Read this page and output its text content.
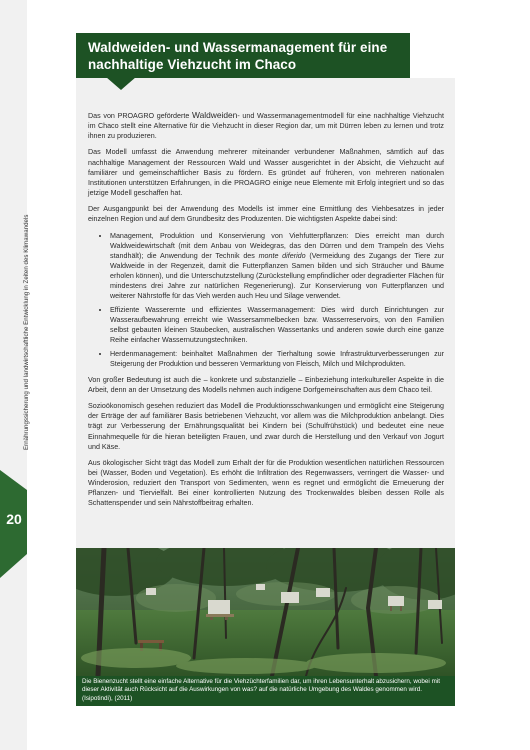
Ernährungssicherung und landwirtschaftliche Entwicklung in Zeiten des Klimawandels
20
Waldweiden- und Wassermanagement für eine nachhaltige Viehzucht im Chaco

Das von PROAGRO geförderte Waldweiden- und Wassermanagementmodell für eine nachhaltige Viehzucht im Chaco stellt eine Alternative für die Viehzucht in dieser Region dar, um mit Dürren leben zu lernen und trotz ihnen zu produzieren.

Das Modell umfasst die Anwendung mehrerer miteinander verbundener Maßnahmen, sämtlich auf das nachhaltige Management der Ressourcen Wald und Wasser ausgerichtet in der Absicht, die Viehzucht auf familiärer und gemeinschaftlicher Basis zu fördern. Es gründet auf früheren, von mehreren nationalen Institutionen unterstützen Erfahrungen, in die PROAGRO einige neue Elemente mit Erfolg integriert und so das jetzige Modell geschaffen hat.

Der Ausgangpunkt bei der Anwendung des Modells ist immer eine Ermittlung des Viehbesatzes in jeder einzelnen Region und auf dem Grundbesitz des Produzenten. Die wichtigsten Aspekte dabei sind:

• Management, Produktion und Konservierung von Viehfutterpflanzen: Dies erreicht man durch Waldweidewirtschaft (mit dem Anbau von Weidegras, das den Dürren und dem Trampeln des Viehs standhält); die Anwendung der Technik des monte diferido (Vermeidung des Zugangs der Tiere zur Waldweide in der Regenzeit, damit die Futterpflanzen Samen bilden und sich Sträucher und Bäume erholen können), und die Unterschutzstellung (Zurückstellung empfindlicher oder degradierter Flächen für mindestens drei Jahre zur natürlichen Regenerierung). Zur Konservierung von Futterpflanzen und weiterer Nährstoffe für das Vieh werden auch Heu und Silage verwendet.
• Effiziente Wasserernte und effizientes Wassermanagement: Dies wird durch Einrichtungen zur Wasseraufbewahrung erreicht wie Wassersammelbecken bzw. Wasserreservoirs, von den Familien selbst gebauten kleinen Staubecken, australischen Wassertanks und anderen sowie durch eine ganze Reihe einfacher Wassernutzungstechniken.
• Herdenmanagement: beinhaltet Maßnahmen der Tierhaltung sowie Infrastrukturverbesserungen zur Steigerung der Produktion und besseren Vermarktung von Fleisch, Milch und Milchprodukten.

Von großer Bedeutung ist auch die – konkrete und substanzielle – Einbeziehung interkultureller Aspekte in die Arbeit, denn an der Umsetzung des Modells nehmen auch indigene Dorfgemeinschaften aus dem Chaco teil.

Sozioökonomisch gesehen reduziert das Modell die Produktionsschwankungen und ermöglicht eine Steigerung der Erträge der auf familiärer Basis betriebenen Viehzucht, vor allem was die Milchproduktion anbelangt. Dies trägt zur Verbesserung der Ernährungsqualität bei Kindern bei (Schulfrühstück) und bedeutet eine neue Einnahmequelle für die hieran beteiligten Frauen, und zwar durch die Herstellung und den Verkauf von Jogurt und Käse.

Aus ökologischer Sicht trägt das Modell zum Erhalt der für die Produktion wesentlichen natürlichen Ressourcen bei (Wasser, Boden und Vegetation). Es erhöht die Infiltration des Regenwassers, verringert die Wasser- und Winderosion, reduziert den Transport von Sedimenten, wenn es regnet und ermöglicht die Erneuerung der Pflanzen- und Tiervielfalt. Bei einer kontrollierten Nutzung des Trockenwaldes bleiben dessen Rolle als Schattenspender und sein Nährstoffbeitrag erhalten.

Die Bienenzucht stellt eine einfache Alternative für die Viehzüchterfamilien dar, um ihren Lebensunterhalt abzusichern, wobei mit dieser Aktivität auch Rücksicht auf die Auswirkungen von was? auf die natürliche Umgebung des Waldes genommen wird. (Isipotindi), (2011)
